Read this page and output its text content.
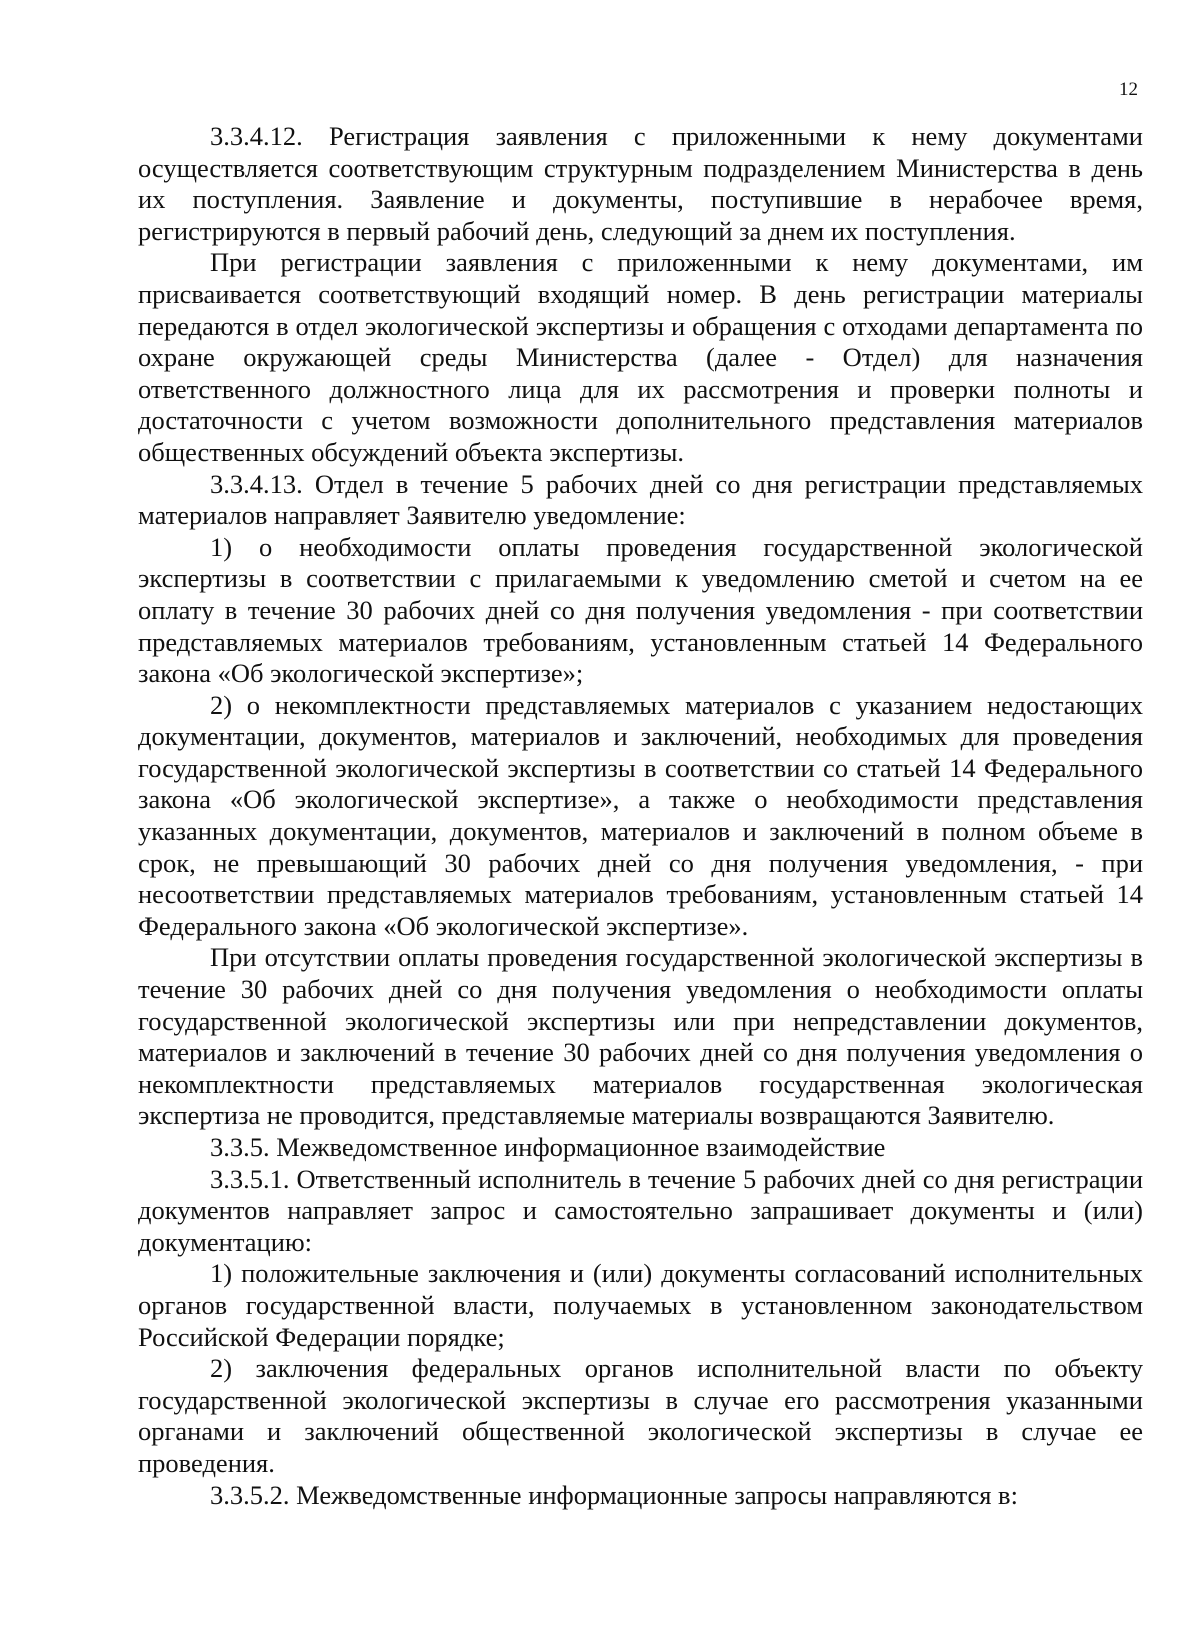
12

3.3.4.12. Регистрация заявления с приложенными к нему документами осуществляется соответствующим структурным подразделением Министерства в день их поступления. Заявление и документы, поступившие в нерабочее время, регистрируются в первый рабочий день, следующий за днем их поступления.

При регистрации заявления с приложенными к нему документами, им присваивается соответствующий входящий номер. В день регистрации материалы передаются в отдел экологической экспертизы и обращения с отходами департамента по охране окружающей среды Министерства (далее - Отдел) для назначения ответственного должностного лица для их рассмотрения и проверки полноты и достаточности с учетом возможности дополнительного представления материалов общественных обсуждений объекта экспертизы.

3.3.4.13. Отдел в течение 5 рабочих дней со дня регистрации представляемых материалов направляет Заявителю уведомление:

1) о необходимости оплаты проведения государственной экологической экспертизы в соответствии с прилагаемыми к уведомлению сметой и счетом на ее оплату в течение 30 рабочих дней со дня получения уведомления - при соответствии представляемых материалов требованиям, установленным статьей 14 Федерального закона «Об экологической экспертизе»;

2) о некомплектности представляемых материалов с указанием недостающих документации, документов, материалов и заключений, необходимых для проведения государственной экологической экспертизы в соответствии со статьей 14 Федерального закона «Об экологической экспертизе», а также о необходимости представления указанных документации, документов, материалов и заключений в полном объеме в срок, не превышающий 30 рабочих дней со дня получения уведомления, - при несоответствии представляемых материалов требованиям, установленным статьей 14 Федерального закона «Об экологической экспертизе».

При отсутствии оплаты проведения государственной экологической экспертизы в течение 30 рабочих дней со дня получения уведомления о необходимости оплаты государственной экологической экспертизы или при непредставлении документов, материалов и заключений в течение 30 рабочих дней со дня получения уведомления о некомплектности представляемых материалов государственная экологическая экспертиза не проводится, представляемые материалы возвращаются Заявителю.

3.3.5. Межведомственное информационное взаимодействие

3.3.5.1. Ответственный исполнитель в течение 5 рабочих дней со дня регистрации документов направляет запрос и самостоятельно запрашивает документы и (или) документацию:

1) положительные заключения и (или) документы согласований исполнительных органов государственной власти, получаемых в установленном законодательством Российской Федерации порядке;

2) заключения федеральных органов исполнительной власти по объекту государственной экологической экспертизы в случае его рассмотрения указанными органами и заключений общественной экологической экспертизы в случае ее проведения.

3.3.5.2. Межведомственные информационные запросы направляются в:
